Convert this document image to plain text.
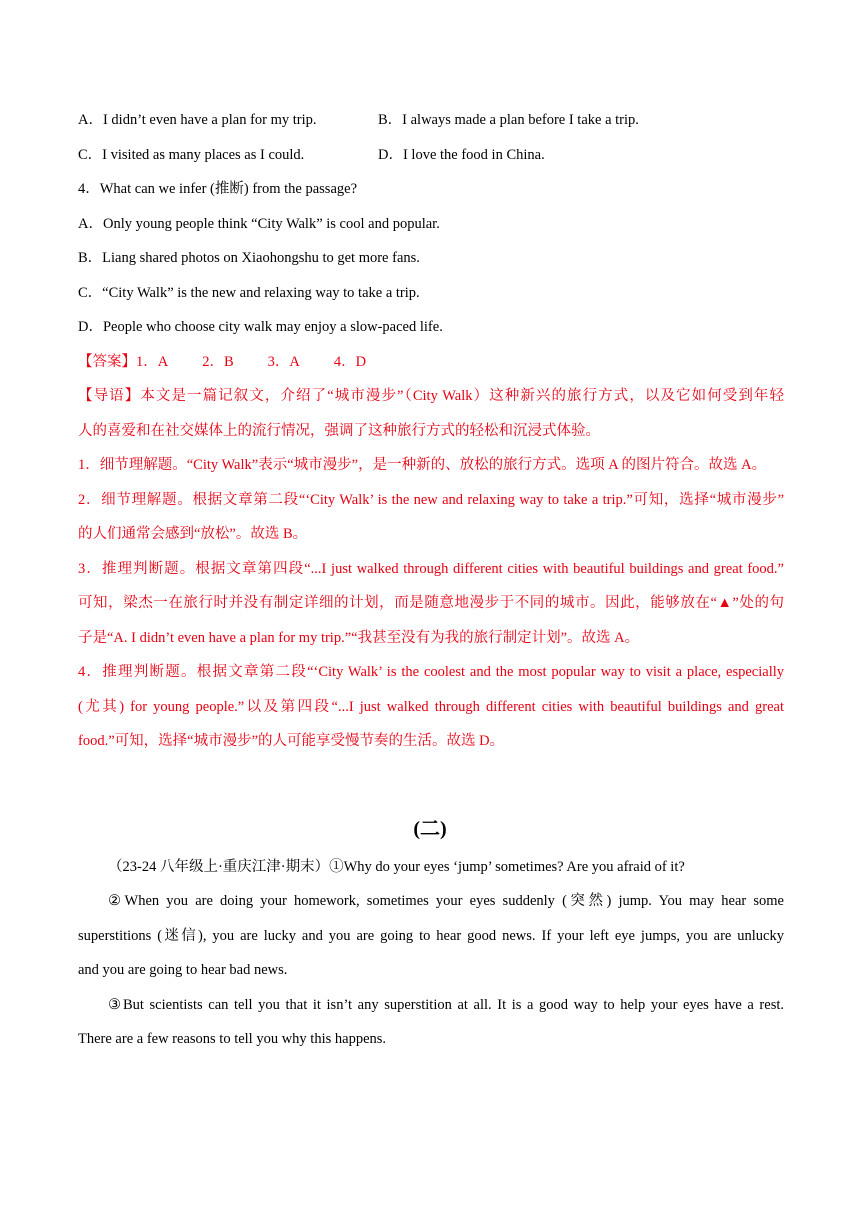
A．I didn’t even have a plan for my trip.	B．I always made a plan before I take a trip.
C．I visited as many places as I could.	D．I love the food in China.
4．What can we infer (推断) from the passage?
A．Only young people think “City Walk” is cool and popular.
B．Liang shared photos on Xiaohongshu to get more fans.
C．“City Walk” is the new and relaxing way to take a trip.
D．People who choose city walk may enjoy a slow-paced life.
【答案】1．A 2．B 3．A 4．D
【导语】本文是一篇记叙文，介绍了“城市漫步”（City Walk）这种新兴的旅行方式，以及它如何受到年轻
人的喜爱和在社交媒体上的流行情况，强调了这种旅行方式的轻松和沉浸式体验。
1．细节理解题。“City Walk”表示“城市漫步”，是一种新的、放松的旅行方式。选项 A 的图片符合。故选 A。
2．细节理解题。根据文章第二段“‘City Walk’ is the new and relaxing way to take a trip.”可知，选择“城市漫步”
的人们通常会感到“放松”。故选 B。
3．推理判断题。根据文章第四段“...I just walked through different cities with beautiful buildings and great food.”
可知，梁杰一在旅行时并没有制定详细的计划，而是随意地漫步于不同的城市。因此，能够放在“▲”处的句
子是“A. I didn’t even have a plan for my trip.”“我甚至没有为我的旅行制定计划”。故选 A。
4．推理判断题。根据文章第二段“‘City Walk’ is the coolest and the most popular way to visit a place, especially
(尤其) for young people.”以及第四段“...I just walked through different cities with beautiful buildings and great
food.”可知，选择“城市漫步”的人可能享受慢节奏的生活。故选 D。
(二)
（23-24 八年级上·重庆江津·期末）①Why do your eyes ‘jump’ sometimes? Are you afraid of it?
②When you are doing your homework, sometimes your eyes suddenly (突然) jump. You may hear some
superstitions (迷信), you are lucky and you are going to hear good news. If your left eye jumps, you are unlucky
and you are going to hear bad news.
③But scientists can tell you that it isn’t any superstition at all. It is a good way to help your eyes have a rest.
There are a few reasons to tell you why this happens.
